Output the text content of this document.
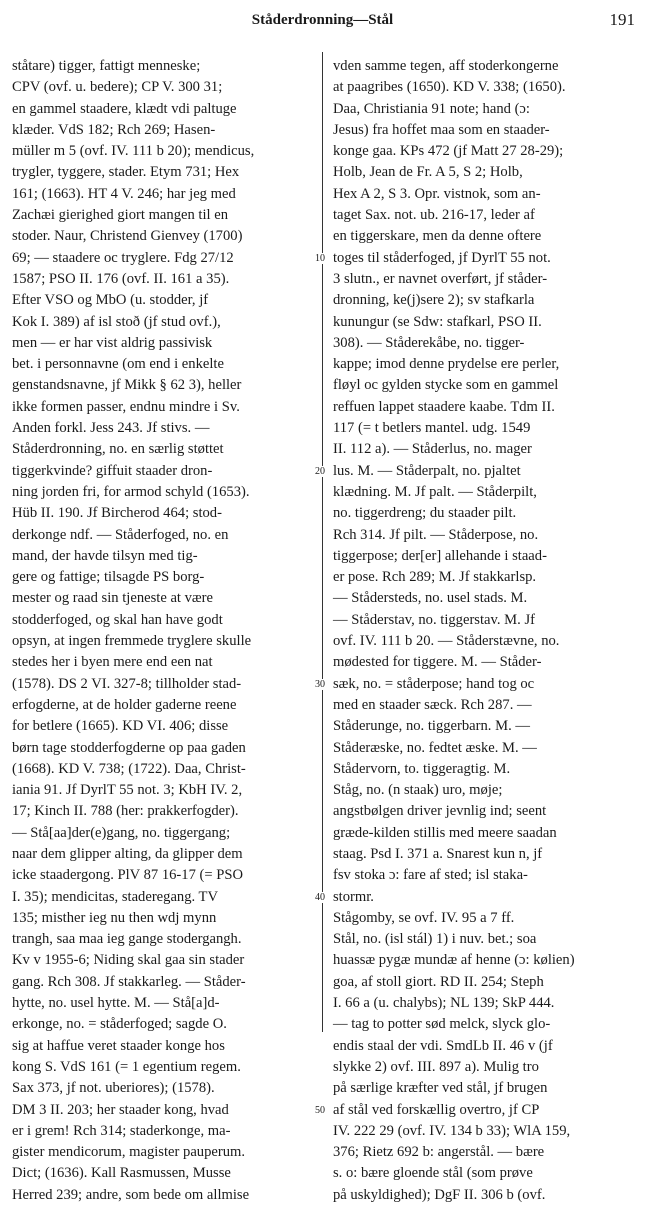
Ståderdronning—Stål	191
ståtare) tigger, fattigt menneske;
CPV (ovf. u. bedere); CP V. 300 31;
en gammel staadere, klædt vdi paltuge
klæder. VdS 182; Rch 269; Hasen-
müller m 5 (ovf. IV. 111 b 20); mendicus,
trygler, tyggere, stader. Etym 731; Hex
161; (1663). HT 4 V. 246; har jeg med
Zachæi gierighed giort mangen til en
stoder. Naur, Christend Gienvey (1700)
69; — staadere oc tryglere. Fdg 27/12
1587; PSO II. 176 (ovf. II. 161 a 35).
Efter VSO og MbO (u. stodder, jf
Kok I. 389) af isl stoð (jf stud ovf.),
men — er har vist aldrig passivisk
bet. i personnavne (om end i enkelte
genstandsnavne, jf Mikk § 62 3), heller
ikke formen passer, endnu mindre i Sv.
Anden forkl. Jess 243. Jf stivs. —
Ståderdronning, no. en særlig støttet
tiggerkvinde? giffuit staader dron-
ning jorden fri, for armod schyld (1653).
Hüb II. 190. Jf Bircherod 464; stod-
derkonge ndf. — Ståderfoged, no. en
mand, der havde tilsyn med tig-
gere og fattige; tilsagde PS borg-
mester og raad sin tjeneste at være
stodderfoged, og skal han have godt
opsyn, at ingen fremmede tryglere skulle
stedes her i byen mere end een nat
(1578). DS 2 VI. 327-8; tillholder stad-
erfogderne, at de holder gaderne reene
for betlere (1665). KD VI. 406; disse
børn tage stodderfogderne op paa gaden
(1668). KD V. 738; (1722). Daa, Christ-
iania 91. Jf DyrlT 55 not. 3; KbH IV. 2,
17; Kinch II. 788 (her: prakkerfogder).
— Stå[aa]der(e)gang, no. tiggergang;
naar dem glipper alting, da glipper dem
icke staadergong. PlV 87 16-17 (= PSO
I. 35); mendicitas, staderegang. TV
135; misther ieg nu then wdj mynn
trangh, saa maa ieg gange stodergangh.
Kv v 1955-6; Niding skal gaa sin stader
gang. Rch 308. Jf stakkarleg. — Ståder-
hytte, no. usel hytte. M. — Stå[a]d-
erkonge, no. = ståderfoged; sagde O.
sig at haffue veret staader konge hos
kong S. VdS 161 (= 1 egentium regem.
Sax 373, jf not. uberiores); (1578).
DM 3 II. 203; her staader kong, hvad
er i grem! Rch 314; staderkonge, ma-
gister mendicorum, magister pauperum.
Dict; (1636). Kall Rasmussen, Musse
Herred 239; andre, som bede om allmise
vden samme tegen, aff stoderkongerne
at paagribes (1650). KD V. 338; (1650).
Daa, Christiania 91 note; hand (ɔ:
Jesus) fra hoffet maa som en staader-
konge gaa. KPs 472 (jf Matt 27 28-29);
Holb, Jean de Fr. A 5, S 2; Holb,
Hex A 2, S 3. Opr. vistnok, som an-
taget Sax. not. ub. 216-17, leder af
en tiggerskare, men da denne oftere
toges til ståderfoged, jf DyrlT 55 not.
3 slutn., er navnet overført, jf ståder-
dronning, ke(j)sere 2); sv stafkarla
kunungur (se Sdw: stafkarl, PSO II.
308). — Ståderekåbe, no. tigger-
kappe; imod denne prydelse ere perler,
fløyl oc gylden stycke som en gammel
reffuen lappet staadere kaabe. Tdm II.
117 (= t betlers mantel. udg. 1549
II. 112 a). — Ståderlus, no. mager
lus. M. — Ståderpalt, no. pjaltet
klædning. M. Jf palt. — Ståderpilt,
no. tiggerdreng; du staader pilt.
Rch 314. Jf pilt. — Ståderpose, no.
tiggerpose; der[er] allehande i staad-
er pose. Rch 289; M. Jf stakkarlsp.
— Stådersteds, no. usel stads. M.
— Ståderstav, no. tiggerstav. M. Jf
ovf. IV. 111 b 20. — Ståderstævne, no.
mødested for tiggere. M. — Ståder-
sæk, no. = ståderpose; hand tog oc
med en staader sæck. Rch 287. —
Ståderunge, no. tiggerbarn. M. —
Ståderæske, no. fedtet æske. M. —
Stådervorn, to. tiggeragtig. M.
Ståg, no. (n staak) uro, møje;
angstbølgen driver jevnlig ind; seent
græde-kilden stillis med meere saadan
staag. Psd I. 371 a. Snarest kun n, jf
fsv stoka ɔ: fare af sted; isl staka-
stormr.
Stågomby, se ovf. IV. 95 a 7 ff.
Stål, no. (isl stál) 1) i nuv. bet.; soa
huassæ pygæ mundæ af henne (ɔ: kølien)
goa, af stoll giort. RD II. 254; Steph
I. 66 a (u. chalybs); NL 139; SkP 444.
— tag to potter sød melck, slyck glo-
endis staal der vdi. SmdLb II. 46 v (jf
slykke 2) ovf. III. 897 a). Mulig tro
på særlige kræfter ved stål, jf brugen
af stål ved forskællig overtro, jf CP
IV. 222 29 (ovf. IV. 134 b 33); WlA 159,
376; Rietz 692 b: angerstål. — bære
s. o: bære gloende stål (som prøve
på uskyldighed); DgF II. 306 b (ovf.
10
20
30
40
50
